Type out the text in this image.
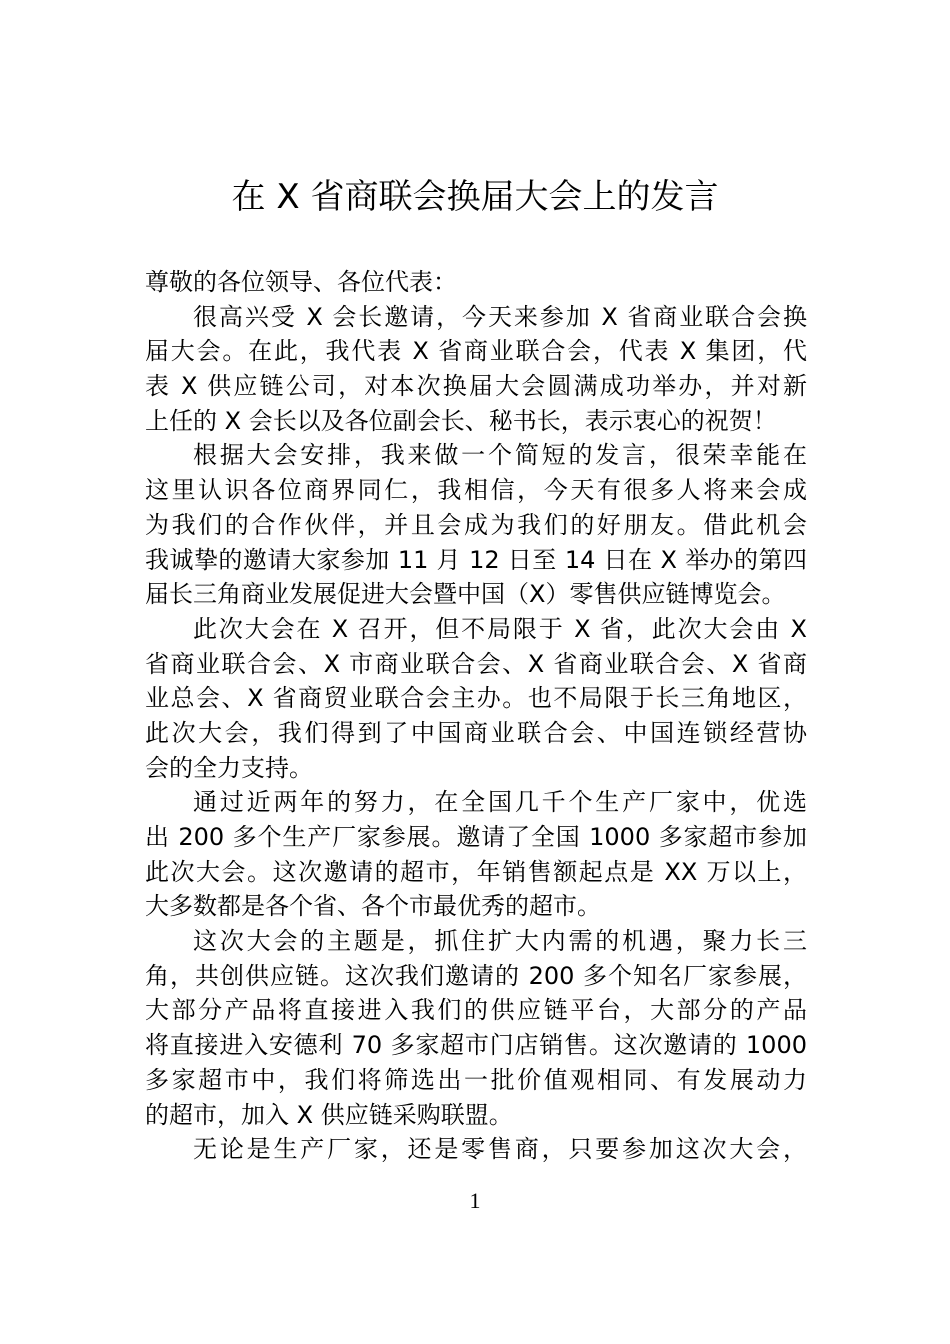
在 X 省商联会换届大会上的发言
尊敬的各位领导、各位代表：
很高兴受 X 会长邀请，今天来参加 X 省商业联合会换
届大会。在此，我代表 X 省商业联合会，代表 X 集团，代
表 X 供应链公司，对本次换届大会圆满成功举办，并对新
上任的 X 会长以及各位副会长、秘书长，表示衷心的祝贺！
根据大会安排，我来做一个简短的发言，很荣幸能在
这里认识各位商界同仁，我相信，今天有很多人将来会成
为我们的合作伙伴，并且会成为我们的好朋友。借此机会
我诚挚的邀请大家参加 11 月 12 日至 14 日在 X 举办的第四
届长三角商业发展促进大会暨中国（X）零售供应链博览会。
此次大会在 X 召开，但不局限于 X 省，此次大会由 X
省商业联合会、X 市商业联合会、X 省商业联合会、X 省商
业总会、X 省商贸业联合会主办。也不局限于长三角地区，
此次大会，我们得到了中国商业联合会、中国连锁经营协
会的全力支持。
通过近两年的努力，在全国几千个生产厂家中，优选
出 200 多个生产厂家参展。邀请了全国 1000 多家超市参加
此次大会。这次邀请的超市，年销售额起点是 XX 万以上，
大多数都是各个省、各个市最优秀的超市。
这次大会的主题是，抓住扩大内需的机遇，聚力长三
角，共创供应链。这次我们邀请的 200 多个知名厂家参展，
大部分产品将直接进入我们的供应链平台，大部分的产品
将直接进入安德利 70 多家超市门店销售。这次邀请的 1000
多家超市中，我们将筛选出一批价值观相同、有发展动力
的超市，加入 X 供应链采购联盟。
无论是生产厂家，还是零售商，只要参加这次大会，
1
